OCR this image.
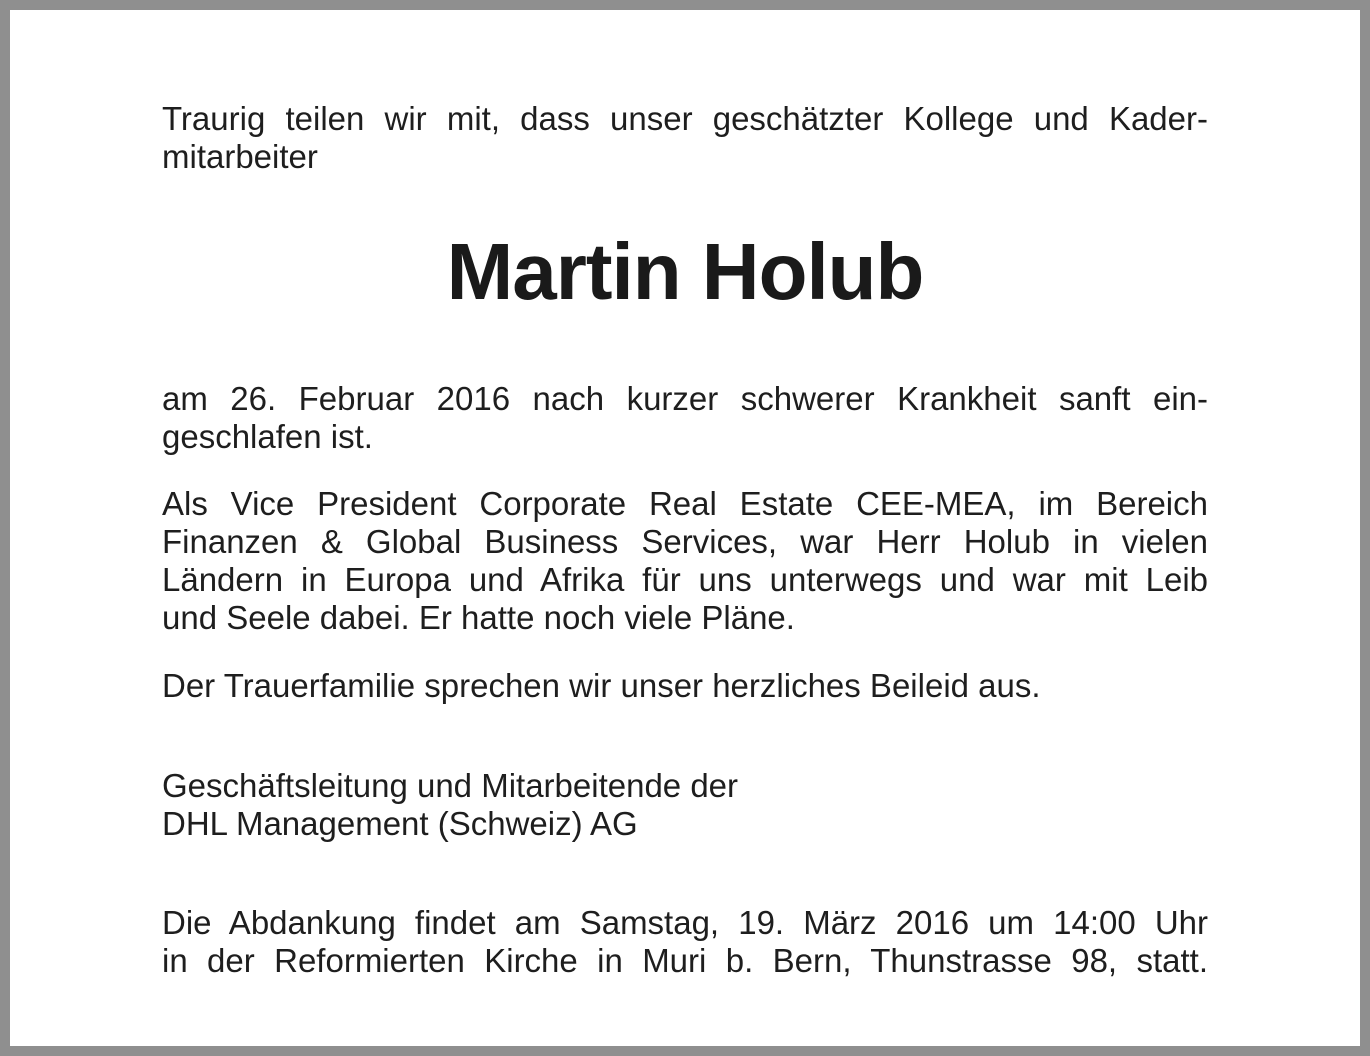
Traurig teilen wir mit, dass unser geschätzter Kollege und Kader-

mitarbeiter

Martin Holub

am 26. Februar 2016 nach kurzer schwerer Krankheit sanft ein-

geschlafen ist.

Als Vice President Corporate Real Estate CEE-MEA, im Bereich

Finanzen & Global Business Services, war Herr Holub in vielen

Ländern in Europa und Afrika für uns unterwegs und war mit Leib

und Seele dabei. Er hatte noch viele Pläne.

Der Trauerfamilie sprechen wir unser herzliches Beileid aus.

Geschäftsleitung und Mitarbeitende der

DHL Management (Schweiz) AG

Die Abdankung findet am Samstag, 19. März 2016 um 14:00 Uhr

in der Reformierten Kirche in Muri b. Bern, Thunstrasse 98, statt.
